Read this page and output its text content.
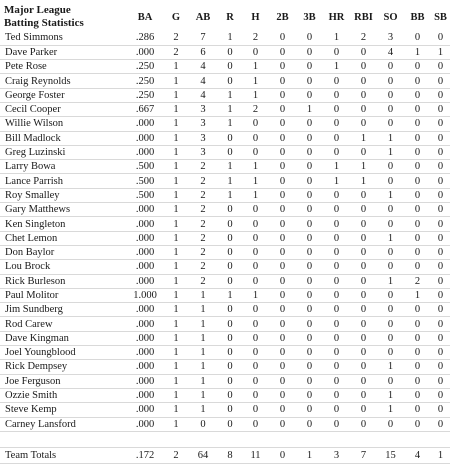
Major League
Batting Statistics	BA	G	AB	R	H	2B	3B	HR	RBI	SO	BB	SB
Ted Simmons	.286	2	7	1	2	0	0	1	2	3	0	0
Dave Parker	.000	2	6	0	0	0	0	0	0	4	1	1
Pete Rose	.250	1	4	0	1	0	0	1	0	0	0	0
Craig Reynolds	.250	1	4	0	1	0	0	0	0	0	0	0
George Foster	.250	1	4	1	1	0	0	0	0	0	0	0
Cecil Cooper	.667	1	3	1	2	0	1	0	0	0	0	0
Willie Wilson	.000	1	3	1	0	0	0	0	0	0	0	0
Bill Madlock	.000	1	3	0	0	0	0	0	1	1	0	0
Greg Luzinski	.000	1	3	0	0	0	0	0	0	1	0	0
Larry Bowa	.500	1	2	1	1	0	0	1	1	0	0	0
Lance Parrish	.500	1	2	1	1	0	0	1	1	0	0	0
Roy Smalley	.500	1	2	1	1	0	0	0	0	1	0	0
Gary Matthews	.000	1	2	0	0	0	0	0	0	0	0	0
Ken Singleton	.000	1	2	0	0	0	0	0	0	0	0	0
Chet Lemon	.000	1	2	0	0	0	0	0	0	1	0	0
Don Baylor	.000	1	2	0	0	0	0	0	0	0	0	0
Lou Brock	.000	1	2	0	0	0	0	0	0	0	0	0
Rick Burleson	.000	1	2	0	0	0	0	0	0	1	2	0
Paul Molitor	1.000	1	1	1	1	0	0	0	0	0	1	0
Jim Sundberg	.000	1	1	0	0	0	0	0	0	0	0	0
Rod Carew	.000	1	1	0	0	0	0	0	0	0	0	0
Dave Kingman	.000	1	1	0	0	0	0	0	0	0	0	0
Joel Youngblood	.000	1	1	0	0	0	0	0	0	0	0	0
Rick Dempsey	.000	1	1	0	0	0	0	0	0	1	0	0
Joe Ferguson	.000	1	1	0	0	0	0	0	0	0	0	0
Ozzie Smith	.000	1	1	0	0	0	0	0	0	1	0	0
Steve Kemp	.000	1	1	0	0	0	0	0	0	1	0	0
Carney Lansford	.000	1	0	0	0	0	0	0	0	0	0	0

Team Totals	.172	2	64	8	11	0	1	3	7	15	4	1
